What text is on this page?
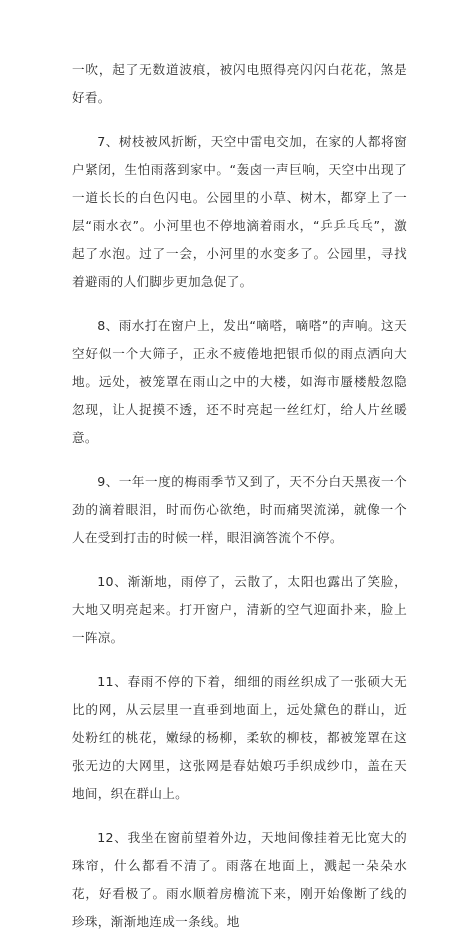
一吹，起了无数道波痕，被闪电照得亮闪闪白花花，煞是好看。

7、树枝被风折断，天空中雷电交加，在家的人都将窗户紧闭，生怕雨落到家中。“轰卤一声巨响，天空中出现了一道长长的白色闪电。公园里的小草、树木，都穿上了一层“雨水衣”。小河里也不停地滴着雨水，“乒乒乓乓”，激起了水泡。过了一会，小河里的水变多了。公园里，寻找着避雨的人们脚步更加急促了。

8、雨水打在窗户上，发出“嘀嗒，嘀嗒”的声响。这天空好似一个大筛子，正永不疲倦地把银币似的雨点洒向大地。远处，被笼罩在雨山之中的大楼，如海市蜃楼般忽隐忽现，让人捉摸不透，还不时亮起一丝红灯，给人片丝暖意。

9、一年一度的梅雨季节又到了，天不分白天黑夜一个劲的滴着眼泪，时而伤心欲绝，时而痛哭流涕，就像一个人在受到打击的时候一样，眼泪滴答流个不停。

10、渐渐地，雨停了，云散了，太阳也露出了笑脸，大地又明亮起来。打开窗户，清新的空气迎面扑来，脸上一阵凉。

11、春雨不停的下着，细细的雨丝织成了一张硕大无比的网，从云层里一直垂到地面上，远处黛色的群山，近处粉红的桃花，嫩绿的杨柳，柔软的柳枝，都被笼罩在这张无边的大网里，这张网是春姑娘巧手织成纱巾，盖在天地间，织在群山上。

12、我坐在窗前望着外边，天地间像挂着无比宽大的珠帘，什么都看不清了。雨落在地面上，溅起一朵朵水花，好看极了。雨水顺着房檐流下来，刚开始像断了线的珍珠，渐渐地连成一条线。地
